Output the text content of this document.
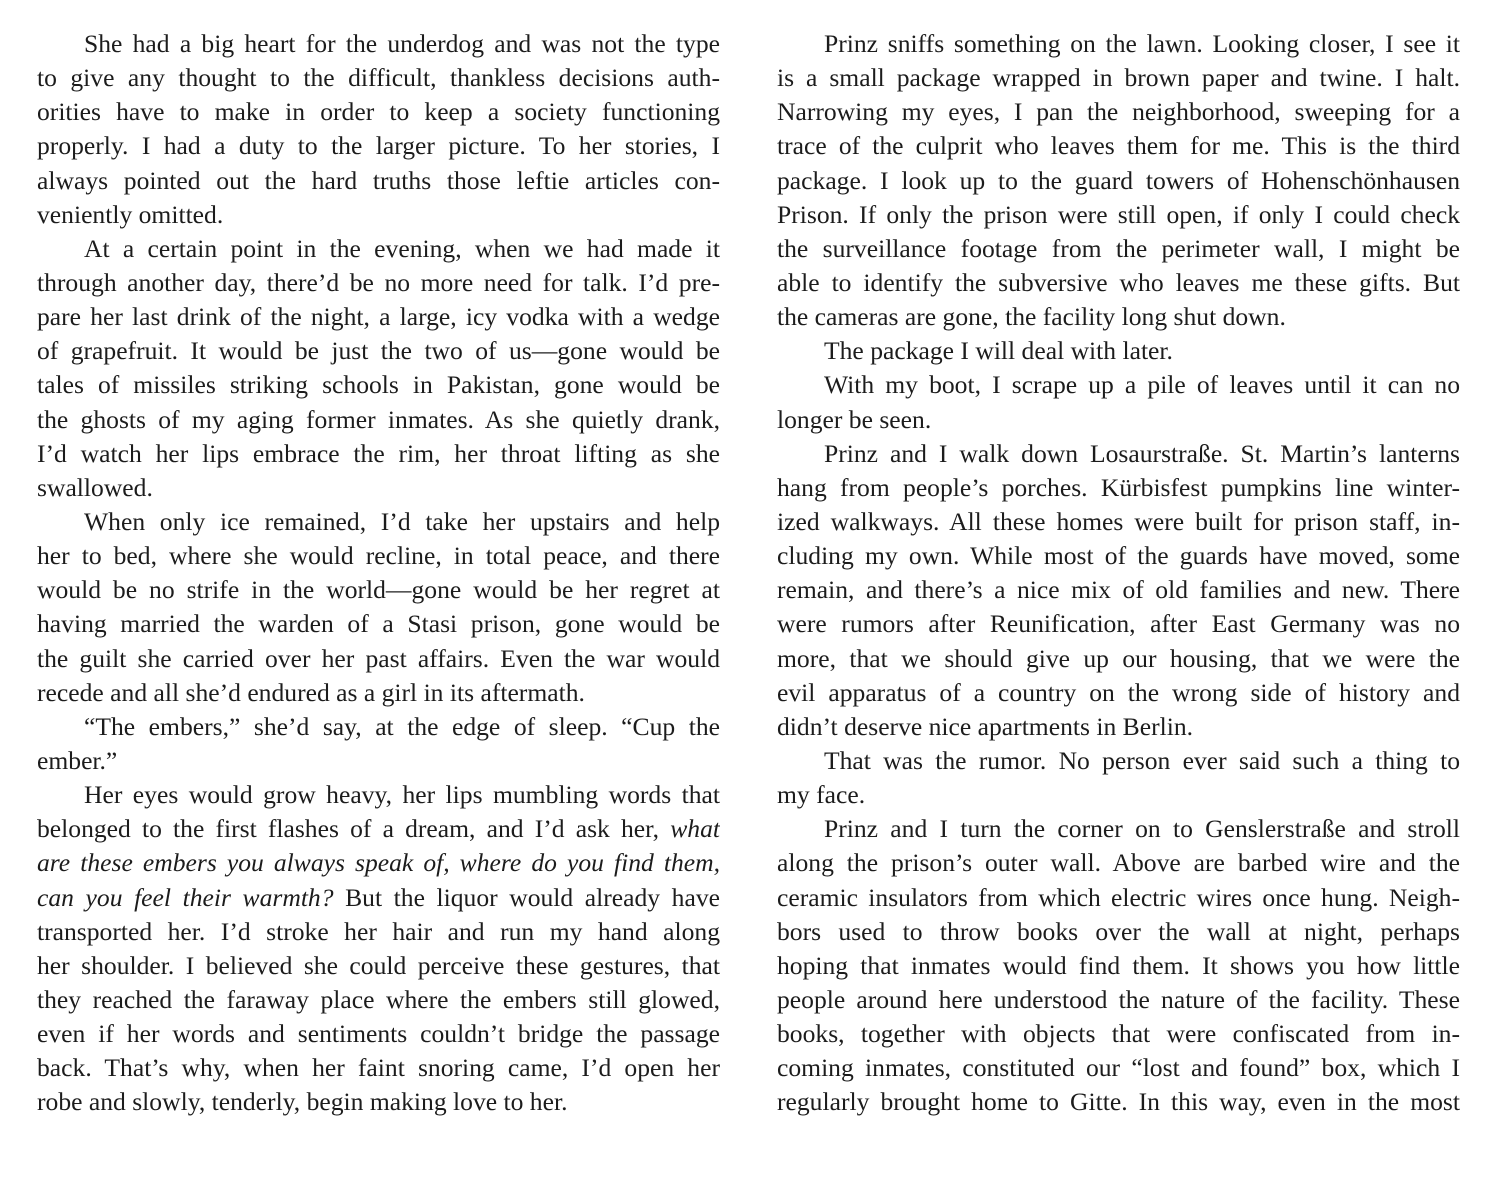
She had a big heart for the underdog and was not the type
to give any thought to the difficult, thankless decisions auth-
orities have to make in order to keep a society functioning
properly. I had a duty to the larger picture. To her stories, I
always pointed out the hard truths those leftie articles con-
veniently omitted.
At a certain point in the evening, when we had made it
through another day, there’d be no more need for talk. I’d pre-
pare her last drink of the night, a large, icy vodka with a wedge
of grapefruit. It would be just the two of us—gone would be
tales of missiles striking schools in Pakistan, gone would be
the ghosts of my aging former inmates. As she quietly drank,
I’d watch her lips embrace the rim, her throat lifting as she
swallowed.
When only ice remained, I’d take her upstairs and help
her to bed, where she would recline, in total peace, and there
would be no strife in the world—gone would be her regret at
having married the warden of a Stasi prison, gone would be
the guilt she carried over her past affairs. Even the war would
recede and all she’d endured as a girl in its aftermath.
“The embers,” she’d say, at the edge of sleep. “Cup the
ember.”
Her eyes would grow heavy, her lips mumbling words that
belonged to the first flashes of a dream, and I’d ask her, what
are these embers you always speak of, where do you find them,
can you feel their warmth? But the liquor would already have
transported her. I’d stroke her hair and run my hand along
her shoulder. I believed she could perceive these gestures, that
they reached the faraway place where the embers still glowed,
even if her words and sentiments couldn’t bridge the passage
back. That’s why, when her faint snoring came, I’d open her
robe and slowly, tenderly, begin making love to her.
Prinz sniffs something on the lawn. Looking closer, I see it
is a small package wrapped in brown paper and twine. I halt.
Narrowing my eyes, I pan the neighborhood, sweeping for a
trace of the culprit who leaves them for me. This is the third
package. I look up to the guard towers of Hohenschönhausen
Prison. If only the prison were still open, if only I could check
the surveillance footage from the perimeter wall, I might be
able to identify the subversive who leaves me these gifts. But
the cameras are gone, the facility long shut down.
The package I will deal with later.
With my boot, I scrape up a pile of leaves until it can no
longer be seen.
Prinz and I walk down Losaurstraße. St. Martin’s lanterns
hang from people’s porches. Kürbisfest pumpkins line winter-
ized walkways. All these homes were built for prison staff, in-
cluding my own. While most of the guards have moved, some
remain, and there’s a nice mix of old families and new. There
were rumors after Reunification, after East Germany was no
more, that we should give up our housing, that we were the
evil apparatus of a country on the wrong side of history and
didn’t deserve nice apartments in Berlin.
That was the rumor. No person ever said such a thing to
my face.
Prinz and I turn the corner on to Genslerstraße and stroll
along the prison’s outer wall. Above are barbed wire and the
ceramic insulators from which electric wires once hung. Neigh-
bors used to throw books over the wall at night, perhaps
hoping that inmates would find them. It shows you how little
people around here understood the nature of the facility. These
books, together with objects that were confiscated from in-
coming inmates, constituted our “lost and found” box, which I
regularly brought home to Gitte. In this way, even in the most
